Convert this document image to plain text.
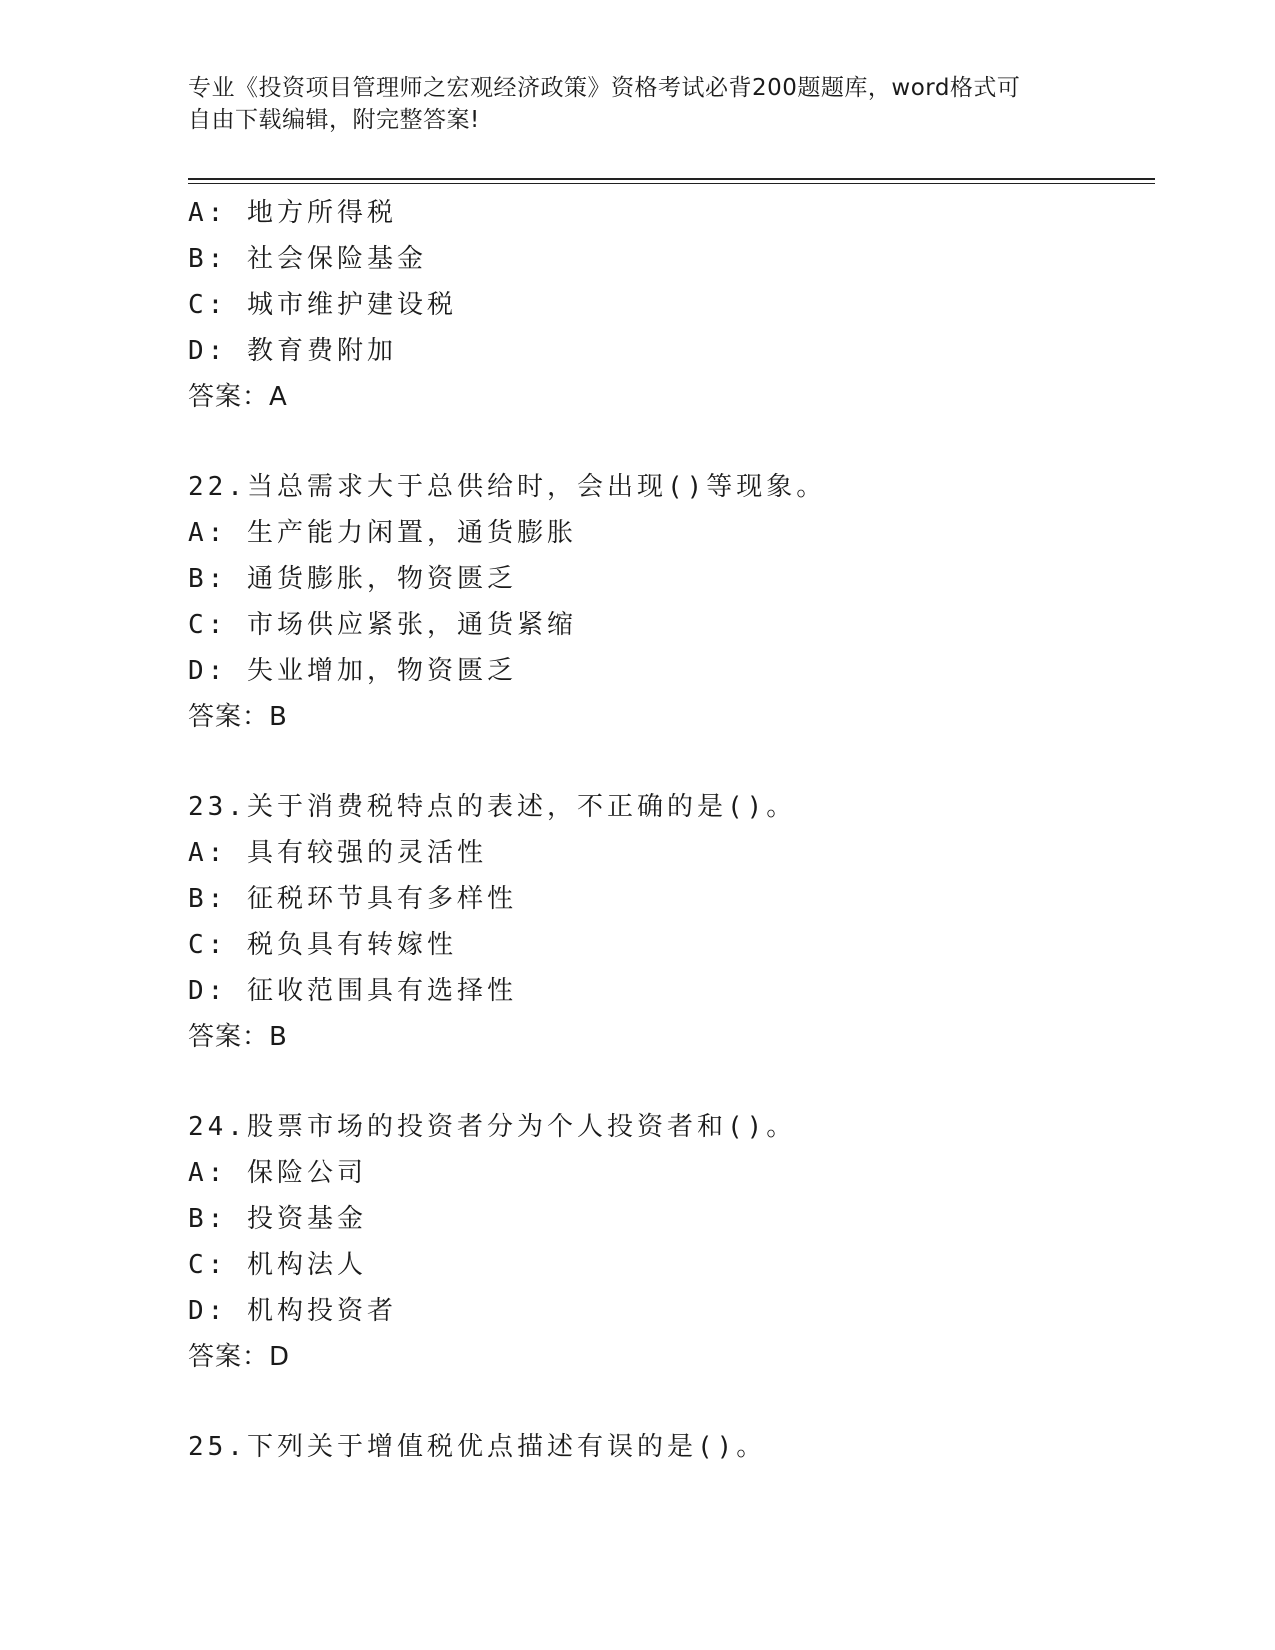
专业《投资项目管理师之宏观经济政策》资格考试必背200题题库，word格式可
自由下载编辑，附完整答案!
A: 地方所得税
B: 社会保险基金
C: 城市维护建设税
D: 教育费附加
答案：A
22.当总需求大于总供给时，会出现()等现象。
A: 生产能力闲置，通货膨胀
B: 通货膨胀，物资匮乏
C: 市场供应紧张，通货紧缩
D: 失业增加，物资匮乏
答案：B
23.关于消费税特点的表述，不正确的是()。
A: 具有较强的灵活性
B: 征税环节具有多样性
C: 税负具有转嫁性
D: 征收范围具有选择性
答案：B
24.股票市场的投资者分为个人投资者和()。
A: 保险公司
B: 投资基金
C: 机构法人
D: 机构投资者
答案：D
25.下列关于增值税优点描述有误的是()。
